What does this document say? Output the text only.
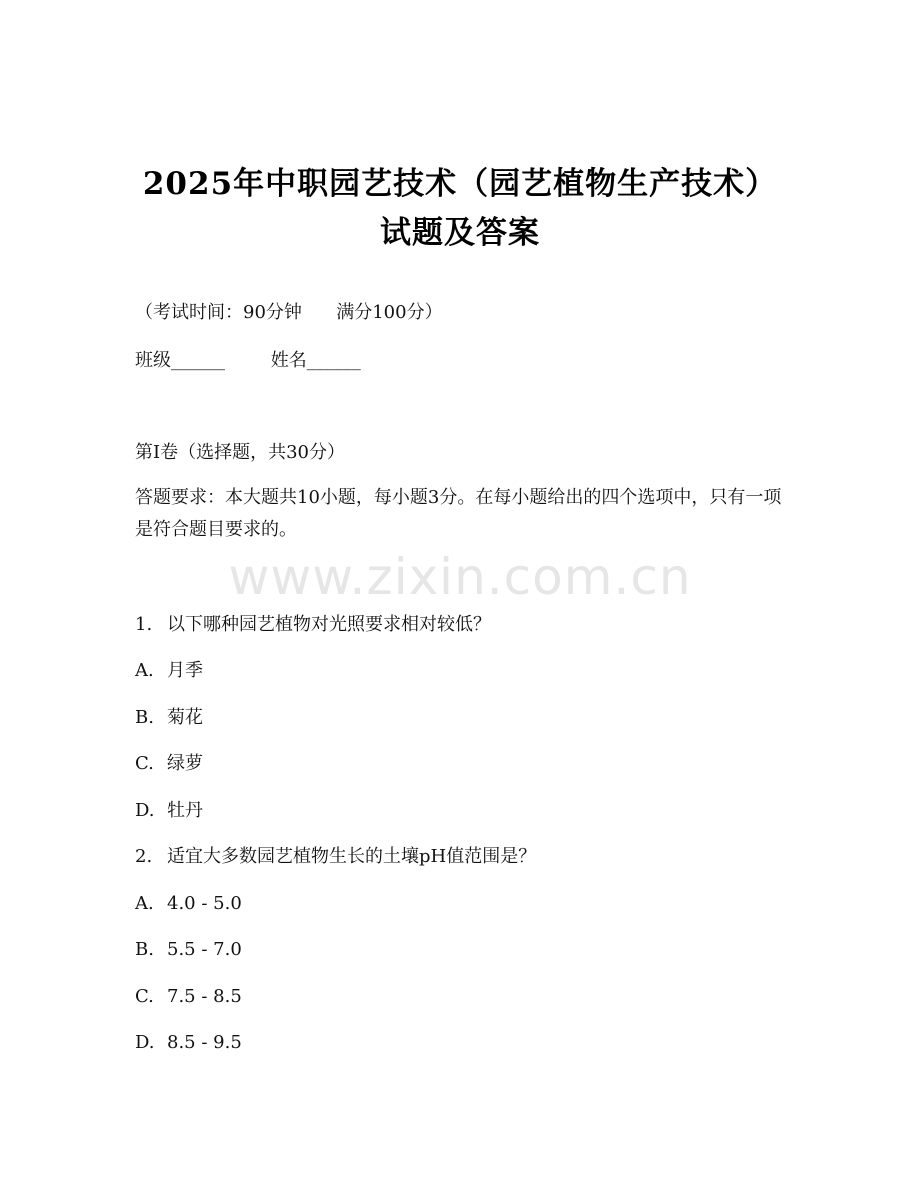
2025年中职园艺技术（园艺植物生产技术）
试题及答案
（考试时间：90分钟      满分100分）
班级______        姓名______
第I卷（选择题，共30分）
答题要求：本大题共10小题，每小题3分。在每小题给出的四个选项中，只有一项是符合题目要求的。
www.zixin.com.cn
1. 以下哪种园艺植物对光照要求相对较低？
A. 月季
B. 菊花
C. 绿萝
D. 牡丹
2. 适宜大多数园艺植物生长的土壤pH值范围是？
A. 4.0 - 5.0
B. 5.5 - 7.0
C. 7.5 - 8.5
D. 8.5 - 9.5
